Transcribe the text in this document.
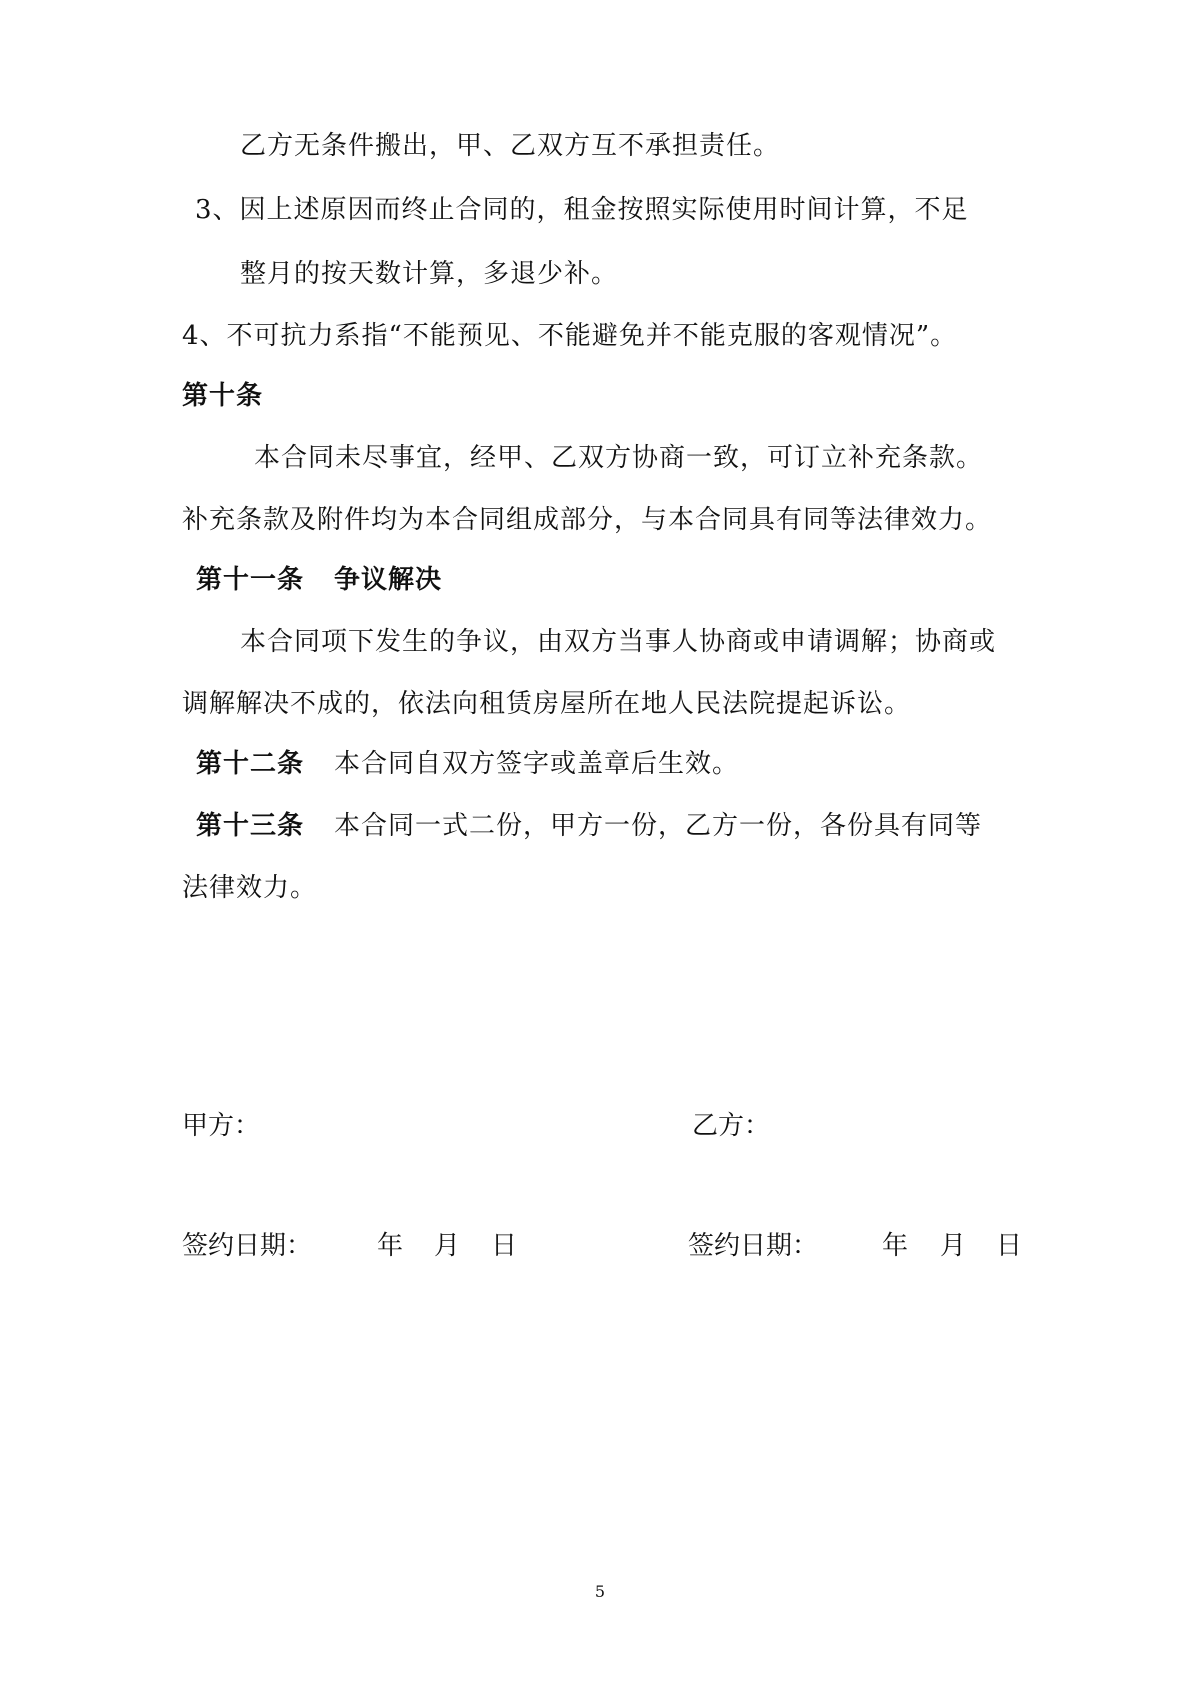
乙方无条件搬出，甲、乙双方互不承担责任。
3、因上述原因而终止合同的，租金按照实际使用时间计算，不足
整月的按天数计算，多退少补。
4、不可抗力系指“不能预见、不能避免并不能克服的客观情况”。
第十条
本合同未尽事宜，经甲、乙双方协商一致，可订立补充条款。
补充条款及附件均为本合同组成部分，与本合同具有同等法律效力。
第十一条 争议解决
本合同项下发生的争议，由双方当事人协商或申请调解；协商或
调解解决不成的，依法向租赁房屋所在地人民法院提起诉讼。
第十二条 本合同自双方签字或盖章后生效。
第十三条 本合同一式二份，甲方一份，乙方一份，各份具有同等
法律效力。
甲方：	乙方：
签约日期： 年 月 日	签约日期： 年 月 日
5
